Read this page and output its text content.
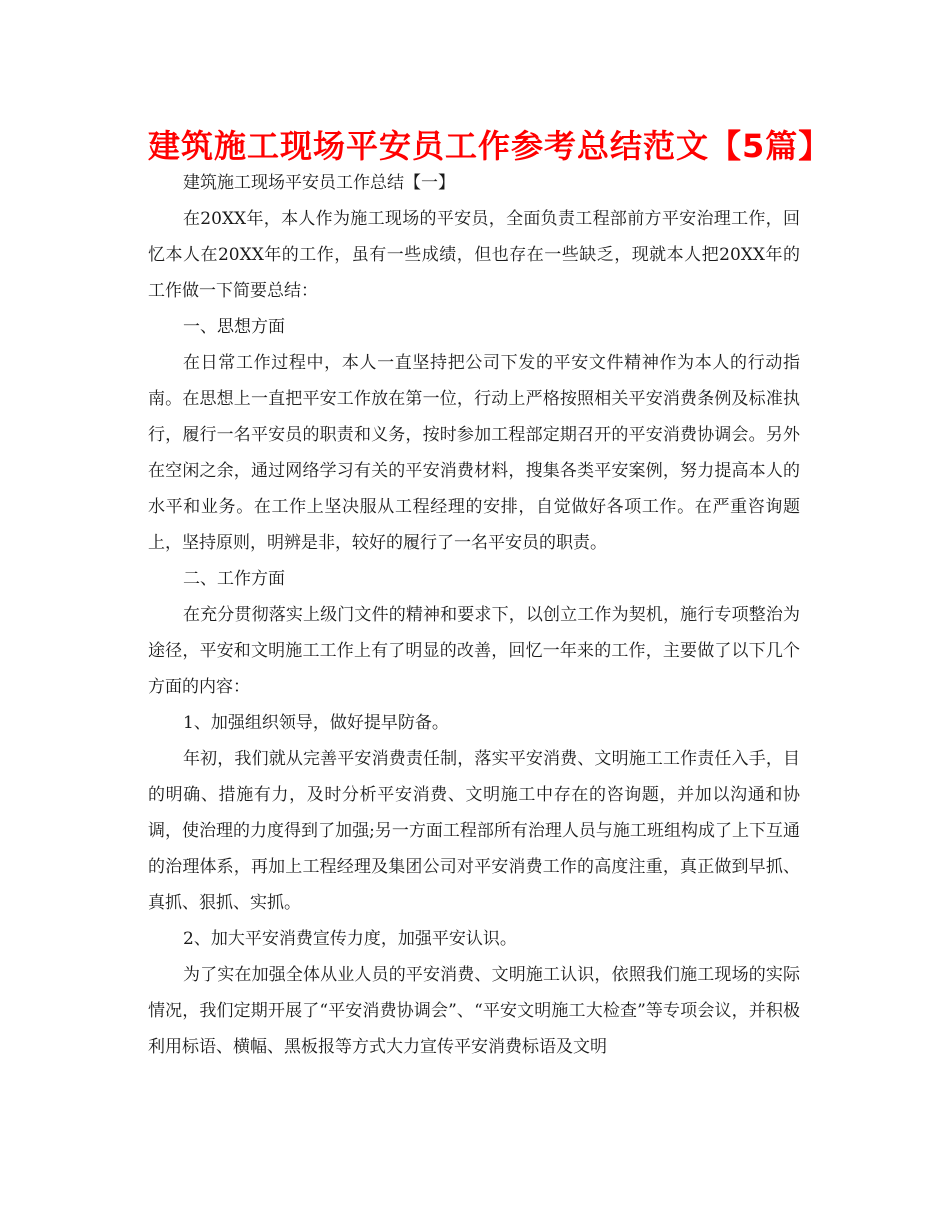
建筑施工现场平安员工作参考总结范文【5篇】

建筑施工现场平安员工作总结【一】

在20XX年，本人作为施工现场的平安员，全面负责工程部前方平安治理工作，回忆本人在20XX年的工作，虽有一些成绩，但也存在一些缺乏，现就本人把20XX年的工作做一下简要总结：

一、思想方面

在日常工作过程中，本人一直坚持把公司下发的平安文件精神作为本人的行动指南。在思想上一直把平安工作放在第一位，行动上严格按照相关平安消费条例及标准执行，履行一名平安员的职责和义务，按时参加工程部定期召开的平安消费协调会。另外在空闲之余，通过网络学习有关的平安消费材料，搜集各类平安案例，努力提高本人的水平和业务。在工作上坚决服从工程经理的安排，自觉做好各项工作。在严重咨询题上，坚持原则，明辨是非，较好的履行了一名平安员的职责。

二、工作方面

在充分贯彻落实上级门文件的精神和要求下，以创立工作为契机，施行专项整治为途径，平安和文明施工工作上有了明显的改善，回忆一年来的工作，主要做了以下几个方面的内容：

1、加强组织领导，做好提早防备。

年初，我们就从完善平安消费责任制，落实平安消费、文明施工工作责任入手，目的明确、措施有力，及时分析平安消费、文明施工中存在的咨询题，并加以沟通和协调，使治理的力度得到了加强;另一方面工程部所有治理人员与施工班组构成了上下互通的治理体系，再加上工程经理及集团公司对平安消费工作的高度注重，真正做到早抓、真抓、狠抓、实抓。

2、加大平安消费宣传力度，加强平安认识。

为了实在加强全体从业人员的平安消费、文明施工认识，依照我们施工现场的实际情况，我们定期开展了“平安消费协调会”、“平安文明施工大检查”等专项会议，并积极利用标语、横幅、黑板报等方式大力宣传平安消费标语及文明
